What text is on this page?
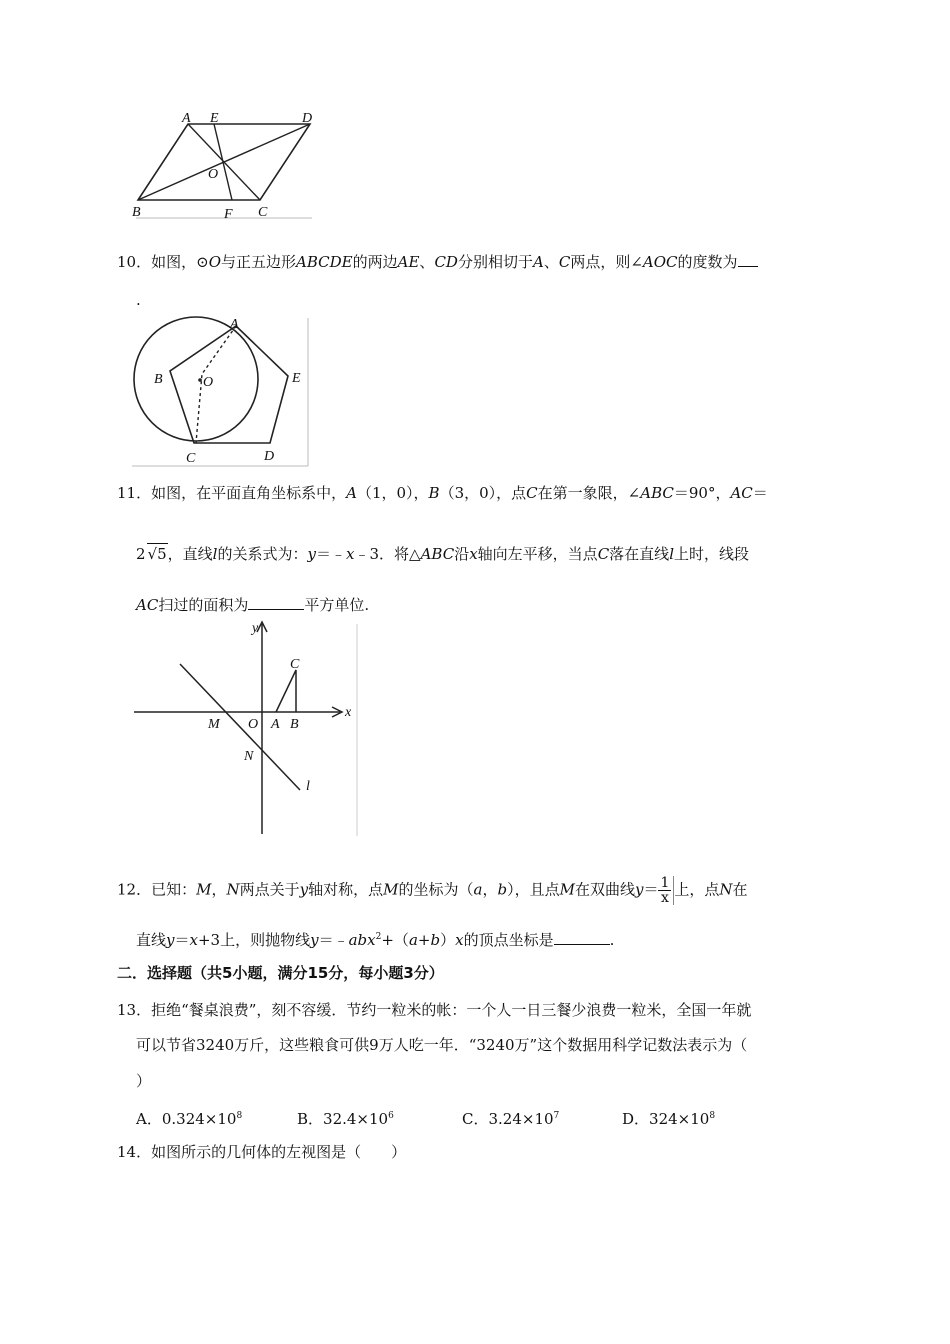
A E	D
O
B	F C
10．如图，⊙O与正五边形ABCDE的两边AE、CD分别相切于A、C两点，则∠AOC的度数为
.
A
B	O	E
C	D
11．如图，在平面直角坐标系中，A（1，0），B（3，0），点C在第一象限，∠ABC＝90°，AC＝
2 √5，直线l的关系式为：y＝﹣x﹣3．将△ABC沿x轴向左平移，当点C落在直线l上时，线段
AC扫过的面积为	平方单位.
y
x
C
M O A B
N
l
12．已知：M，N两点关于y轴对称，点M的坐标为（a，b），且点M在双曲线$y= \frac{1}{x}$ 上，点N在
直线y＝x+3上，则抛物线y＝﹣abx$^2$+（a+b）x的顶点坐标是	.
二．选择题（共5小题，满分15分，每小题3分）
13．拒绝“餐桌浪费”，刻不容缓．节约一粒米的帐：一个人一日三餐少浪费一粒米，全国一年就
可以节省3240万斤，这些粮食可供9万人吃一年．“3240万”这个数据用科学记数法表示为（
）
A．$0.324\times 10^8$	B．$32.4\times 10^6$	C．$3.24\times 10^7$	D．$324\times 10^8$
14．如图所示的几何体的左视图是（　　）
